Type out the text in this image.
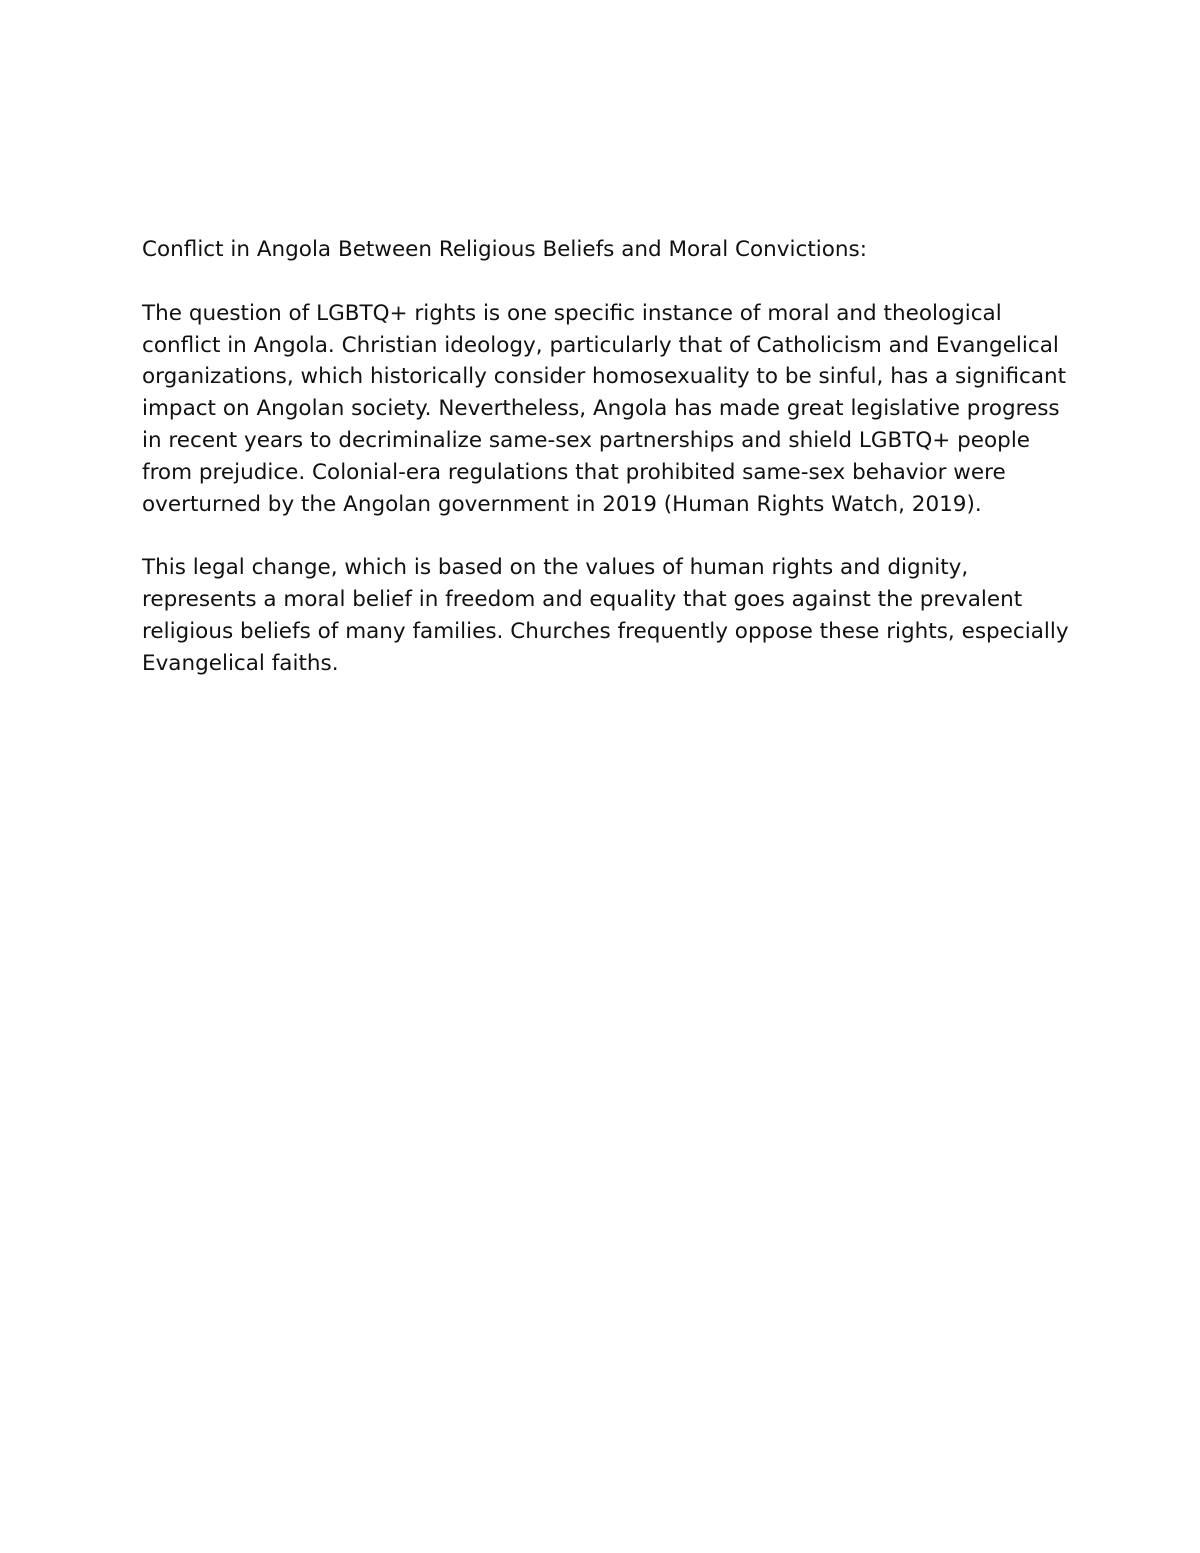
Conflict in Angola Between Religious Beliefs and Moral Convictions:

The question of LGBTQ+ rights is one specific instance of moral and theological conflict in Angola. Christian ideology, particularly that of Catholicism and Evangelical organizations, which historically consider homosexuality to be sinful, has a significant impact on Angolan society. Nevertheless, Angola has made great legislative progress in recent years to decriminalize same-sex partnerships and shield LGBTQ+ people from prejudice. Colonial-era regulations that prohibited same-sex behavior were overturned by the Angolan government in 2019 (Human Rights Watch, 2019).

This legal change, which is based on the values of human rights and dignity, represents a moral belief in freedom and equality that goes against the prevalent religious beliefs of many families. Churches frequently oppose these rights, especially Evangelical faiths.
